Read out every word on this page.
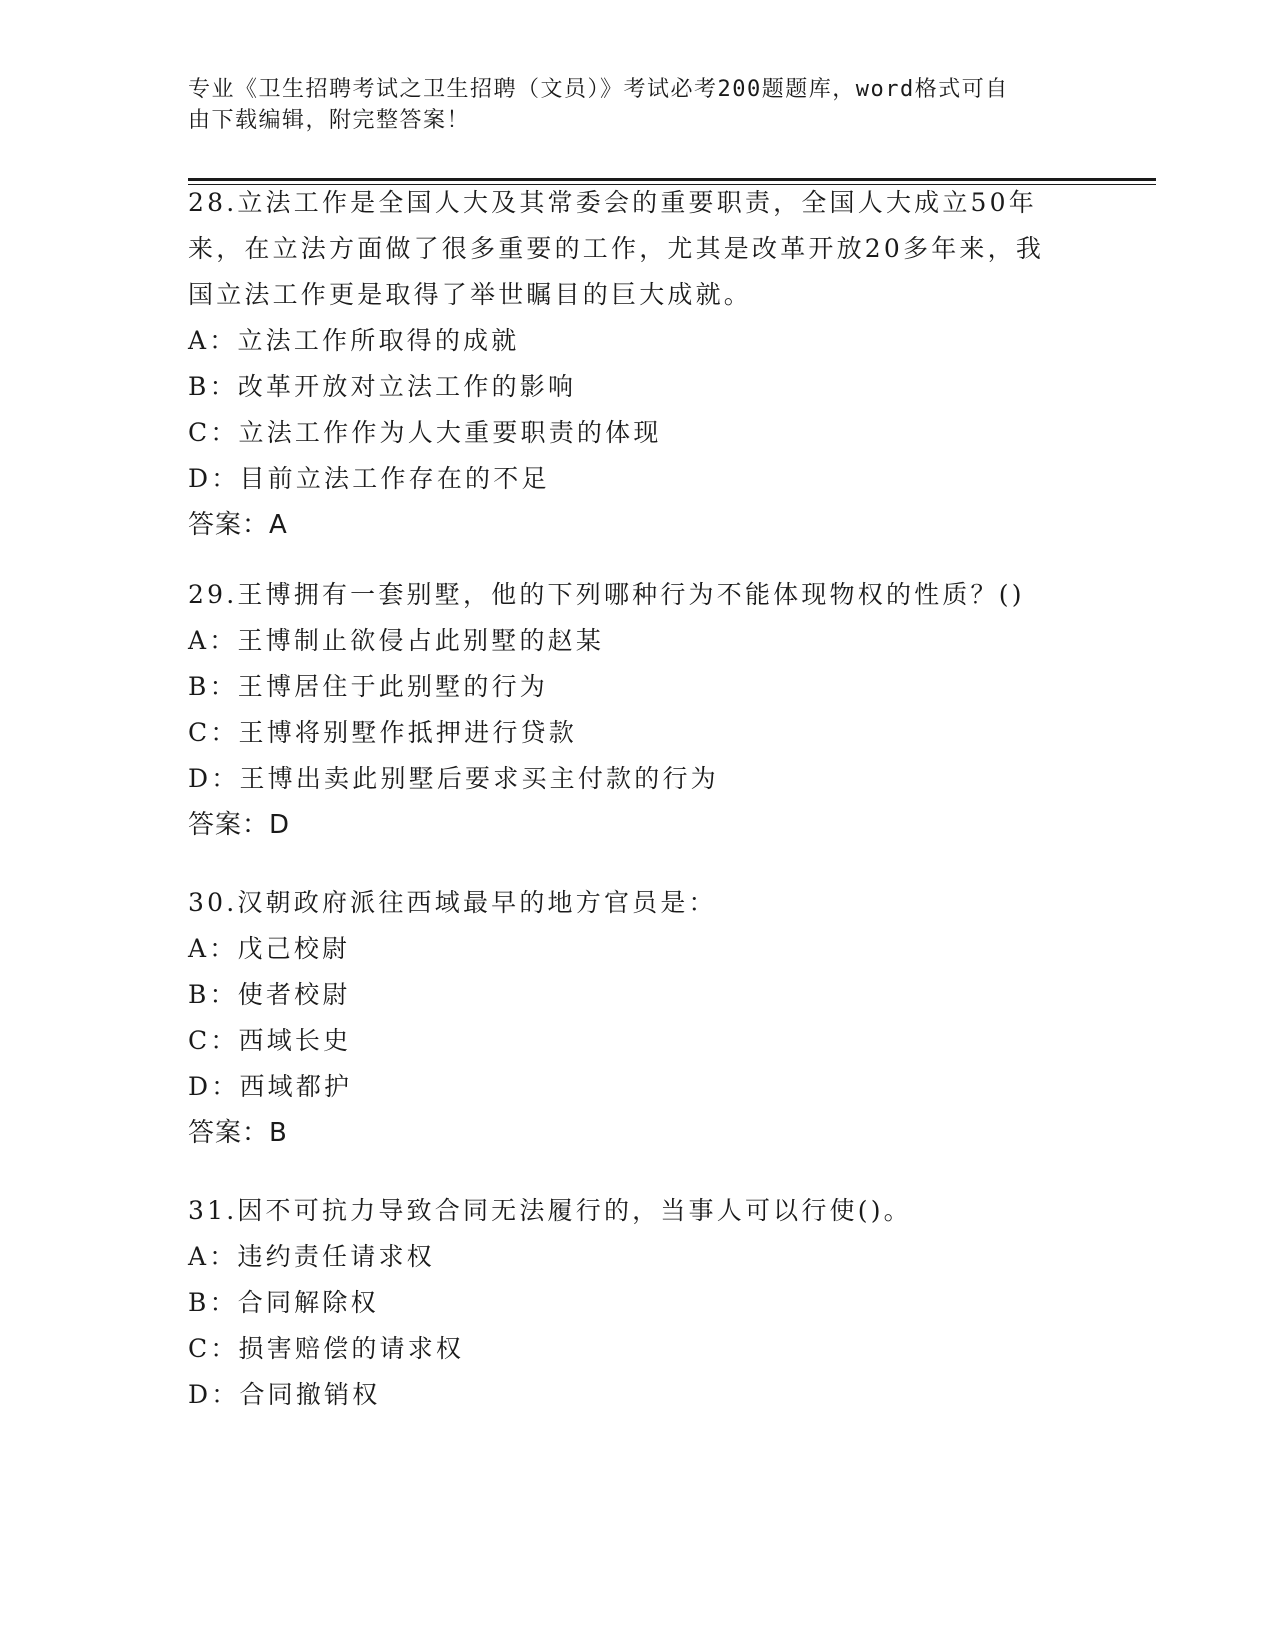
专业《卫生招聘考试之卫生招聘（文员）》考试必考200题题库，word格式可自
由下载编辑，附完整答案！
28.立法工作是全国人大及其常委会的重要职责，全国人大成立50年
来，在立法方面做了很多重要的工作，尤其是改革开放20多年来，我
国立法工作更是取得了举世瞩目的巨大成就。
A：立法工作所取得的成就
B：改革开放对立法工作的影响
C：立法工作作为人大重要职责的体现
D：目前立法工作存在的不足
答案：A
29.王博拥有一套别墅，他的下列哪种行为不能体现物权的性质？()
A：王博制止欲侵占此别墅的赵某
B：王博居住于此别墅的行为
C：王博将别墅作抵押进行贷款
D：王博出卖此别墅后要求买主付款的行为
答案：D
30.汉朝政府派往西域最早的地方官员是：
A：戊己校尉
B：使者校尉
C：西域长史
D：西域都护
答案：B
31.因不可抗力导致合同无法履行的，当事人可以行使()。
A：违约责任请求权
B：合同解除权
C：损害赔偿的请求权
D：合同撤销权
